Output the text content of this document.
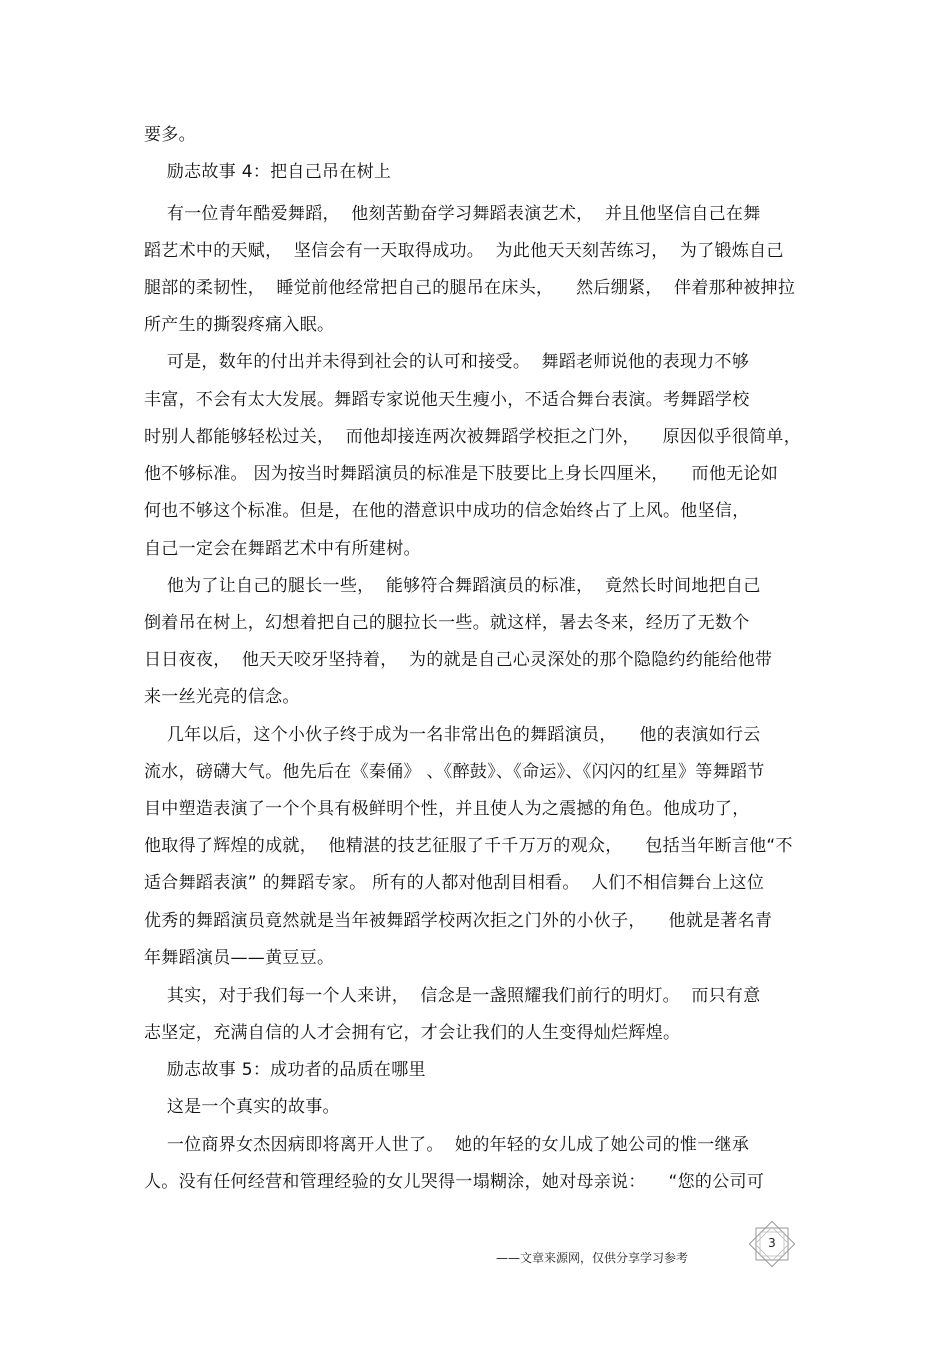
要多。
励志故事 4：把自己吊在树上
有一位青年酷爱舞蹈，  他刻苦勤奋学习舞蹈表演艺术，  并且他坚信自己在舞
蹈艺术中的天赋，  坚信会有一天取得成功。  为此他天天刻苦练习，  为了锻炼自己
腿部的柔韧性，  睡觉前他经常把自己的腿吊在床头，    然后绷紧，  伴着那种被抻拉
所产生的撕裂疼痛入眠。
可是，数年的付出并未得到社会的认可和接受。  舞蹈老师说他的表现力不够
丰富，不会有太大发展。舞蹈专家说他天生瘦小，不适合舞台表演。考舞蹈学校
时别人都能够轻松过关，  而他却接连两次被舞蹈学校拒之门外，    原因似乎很简单，
他不够标准。 因为按当时舞蹈演员的标准是下肢要比上身长四厘米，    而他无论如
何也不够这个标准。但是，在他的潜意识中成功的信念始终占了上风。他坚信，
自己一定会在舞蹈艺术中有所建树。
他为了让自己的腿长一些，  能够符合舞蹈演员的标准，  竟然长时间地把自己
倒着吊在树上，幻想着把自己的腿拉长一些。就这样，暑去冬来，经历了无数个
日日夜夜，  他天天咬牙坚持着，  为的就是自己心灵深处的那个隐隐约约能给他带
来一丝光亮的信念。
几年以后，这个小伙子终于成为一名非常出色的舞蹈演员，    他的表演如行云
流水，磅礴大气。他先后在《秦俑》 、《醉鼓》、《命运》、《闪闪的红星》等舞蹈节
目中塑造表演了一个个具有极鲜明个性，并且使人为之震撼的角色。他成功了，
他取得了辉煌的成就，  他精湛的技艺征服了千千万万的观众，    包括当年断言他“不
适合舞蹈表演” 的舞蹈专家。 所有的人都对他刮目相看。  人们不相信舞台上这位
优秀的舞蹈演员竟然就是当年被舞蹈学校两次拒之门外的小伙子，    他就是著名青
年舞蹈演员——黄豆豆。
其实，对于我们每一个人来讲，  信念是一盏照耀我们前行的明灯。  而只有意
志坚定，充满自信的人才会拥有它，才会让我们的人生变得灿烂辉煌。
励志故事 5：成功者的品质在哪里
这是一个真实的故事。
一位商界女杰因病即将离开人世了。  她的年轻的女儿成了她公司的惟一继承
人。没有任何经营和管理经验的女儿哭得一塌糊涂，她对母亲说：    “您的公司可
3
——文章来源网，仅供分享学习参考
